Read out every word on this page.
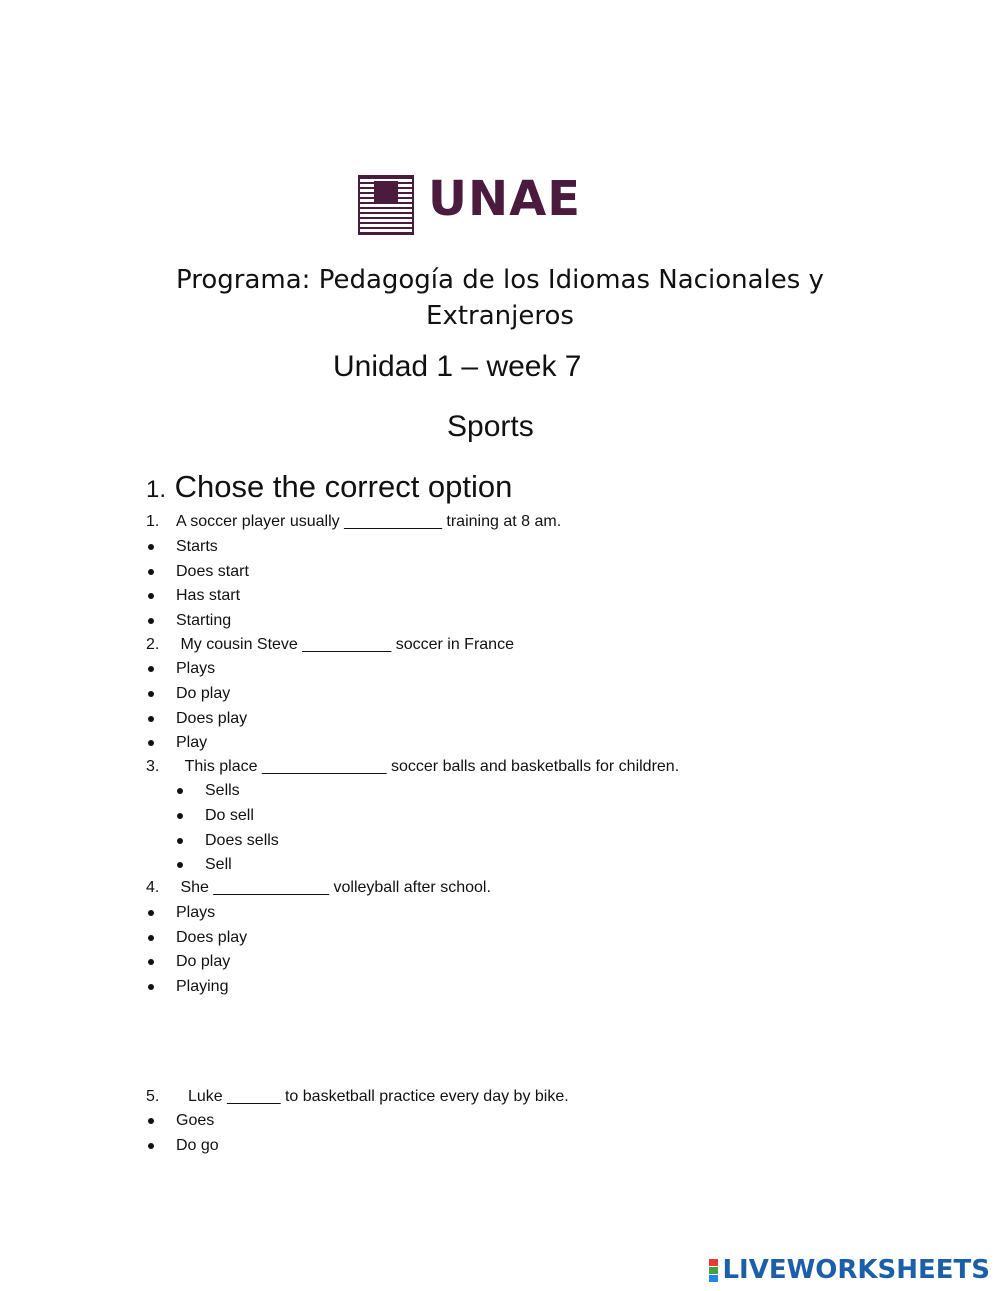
UNAE
Programa: Pedagogía de los Idiomas Nacionales y Extranjeros
Unidad 1 – week 7
Sports
1. Chose the correct option
1. A soccer player usually ___________ training at 8 am.
Starts
Does start
Has start
Starting
2. My cousin Steve __________ soccer in France
Plays
Do play
Does play
Play
3. This place ______________ soccer balls and basketballs for children.
Sells
Do sell
Does sells
Sell
4. She _____________ volleyball after school.
Plays
Does play
Do play
Playing
5. Luke ______ to basketball practice every day by bike.
Goes
Do go
LIVEWORKSHEETS
